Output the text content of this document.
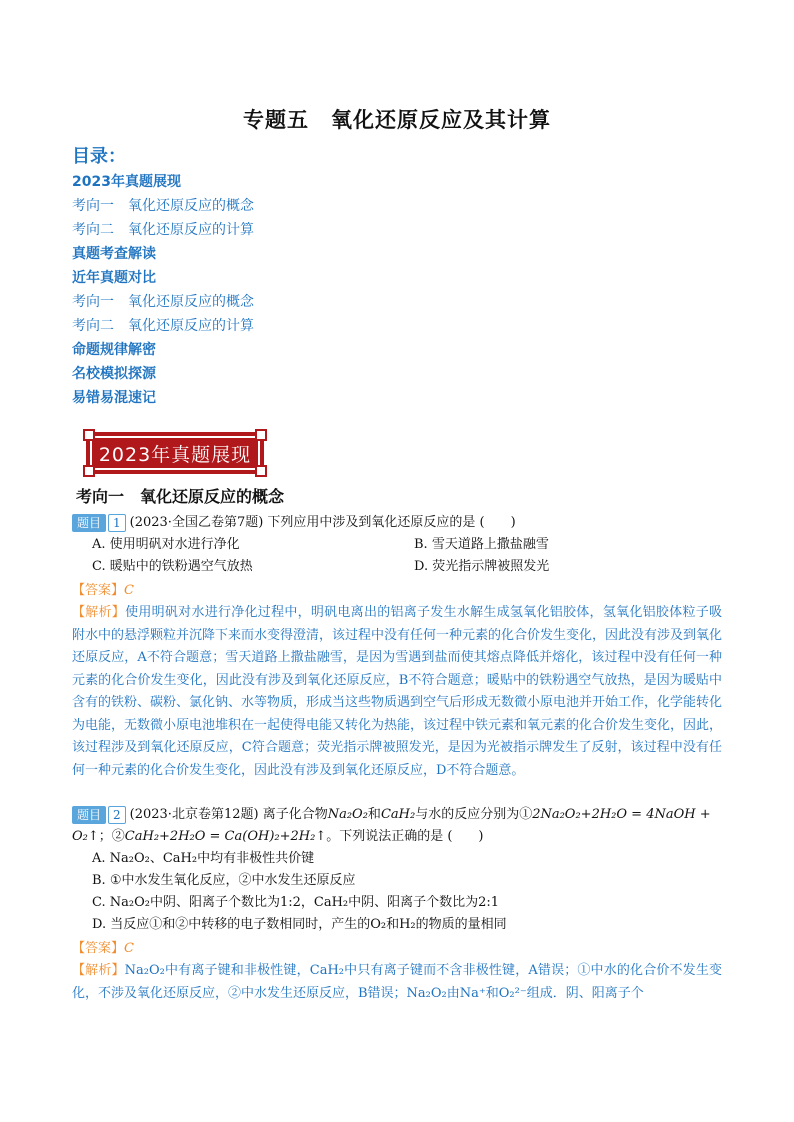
专题五　氧化还原反应及其计算
目录：
2023年真题展现
考向一　氧化还原反应的概念
考向二　氧化还原反应的计算
真题考查解读
近年真题对比
考向一　氧化还原反应的概念
考向二　氧化还原反应的计算
命题规律解密
名校模拟探源
易错易混速记
2023年真题展现
考向一　氧化还原反应的概念
题目 1 (2023·全国乙卷第7题) 下列应用中涉及到氧化还原反应的是 (　　)
A. 使用明矾对水进行净化	B. 雪天道路上撒盐融雪
C. 暖贴中的铁粉遇空气放热	D. 荧光指示牌被照发光
【答案】C
【解析】使用明矾对水进行净化过程中，明矾电离出的铝离子发生水解生成氢氧化铝胶体，氢氧化铝胶体粒子吸附水中的悬浮颗粒并沉降下来而水变得澄清，该过程中没有任何一种元素的化合价发生变化，因此没有涉及到氧化还原反应，A不符合题意；雪天道路上撒盐融雪，是因为雪遇到盐而使其熔点降低并熔化，该过程中没有任何一种元素的化合价发生变化，因此没有涉及到氧化还原反应，B不符合题意；暖贴中的铁粉遇空气放热，是因为暖贴中含有的铁粉、碳粉、氯化钠、水等物质，形成当这些物质遇到空气后形成无数微小原电池并开始工作，化学能转化为电能，无数微小原电池堆积在一起使得电能又转化为热能，该过程中铁元素和氧元素的化合价发生变化，因此，该过程涉及到氧化还原反应，C符合题意；荧光指示牌被照发光，是因为光被指示牌发生了反射，该过程中没有任何一种元素的化合价发生变化，因此没有涉及到氧化还原反应，D不符合题意。
题目 2 (2023·北京卷第12题) 离子化合物Na₂O₂和CaH₂与水的反应分别为①2Na₂O₂+2H₂O = 4NaOH + O₂↑；②CaH₂+2H₂O = Ca(OH)₂+2H₂↑。下列说法正确的是 (　　)
A. Na₂O₂、CaH₂中均有非极性共价键
B. ①中水发生氧化反应，②中水发生还原反应
C. Na₂O₂中阴、阳离子个数比为1:2，CaH₂中阴、阳离子个数比为2:1
D. 当反应①和②中转移的电子数相同时，产生的O₂和H₂的物质的量相同
【答案】C
【解析】Na₂O₂中有离子键和非极性键，CaH₂中只有离子键而不含非极性键，A错误；①中水的化合价不发生变化，不涉及氧化还原反应，②中水发生还原反应，B错误；Na₂O₂由Na⁺和O₂²⁻组成．阴、阳离子个
